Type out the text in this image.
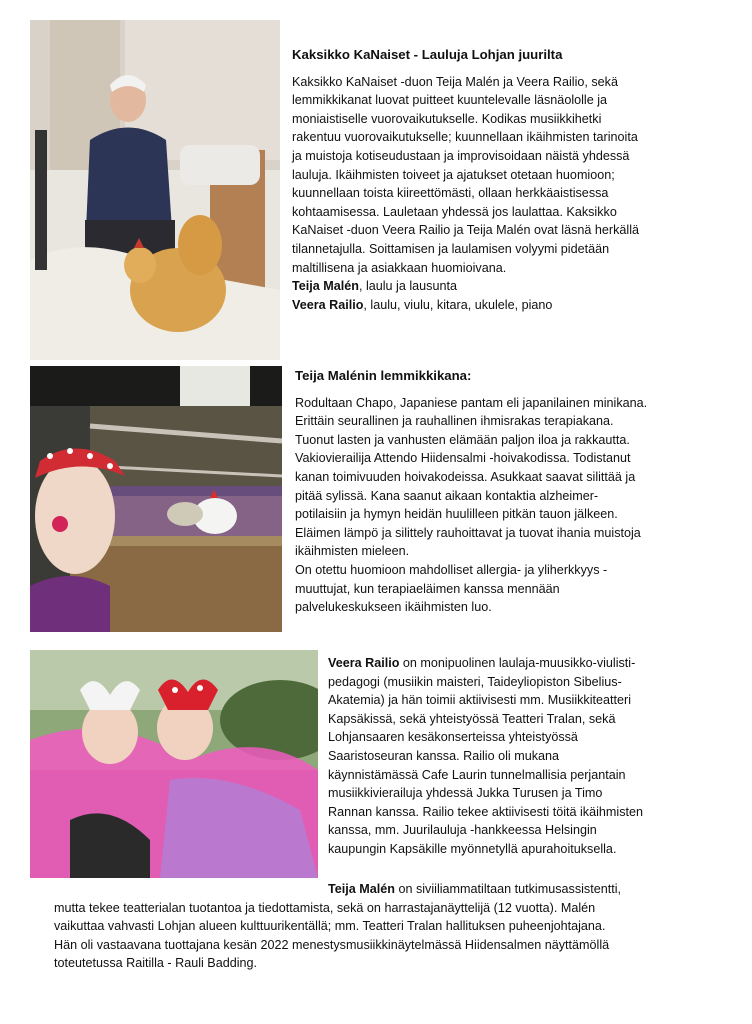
Kaksikko KaNaiset - Lauluja Lohjan juurilta
Kaksikko KaNaiset -duon Teija Malén ja Veera Railio, sekä
lemmikkikanat luovat puitteet kuuntelevalle läsnäololle ja
moniaistiselle vuorovaikutukselle. Kodikas musiikkihetki
rakentuu vuorovaikutukselle; kuunnellaan ikäihmisten tarinoita
ja muistoja kotiseudustaan ja improvisoidaan näistä yhdessä
lauluja. Ikäihmisten toiveet ja ajatukset otetaan huomioon;
kuunnellaan toista kiireettömästi, ollaan herkkäaistisessa
kohtaamisessa. Lauletaan yhdessä jos laulattaa. Kaksikko
KaNaiset -duon Veera Railio ja Teija Malén ovat läsnä herkällä
tilannetajulla. Soittamisen ja laulamisen volyymi pidetään
maltillisena ja asiakkaan huomioivana.
Teija Malén, laulu ja lausunta
Veera Railio, laulu, viulu, kitara, ukulele, piano
Teija Malénin lemmikkikana:
Rodultaan Chapo, Japaniese pantam eli japanilainen minikana.
Erittäin seurallinen ja rauhallinen ihmisrakas terapiakana.
Tuonut lasten ja vanhusten elämään paljon iloa ja rakkautta.
Vakiovierailija Attendo Hiidensalmi -hoivakodissa. Todistanut
kanan toimivuuden hoivakodeissa. Asukkaat saavat silittää ja
pitää sylissä. Kana saanut aikaan kontaktia alzheimer-
potilaisiin ja hymyn heidän huulilleen pitkän tauon jälkeen.
Eläimen lämpö ja silittely rauhoittavat ja tuovat ihania muistoja
ikäihmisten mieleen.
On otettu huomioon mahdolliset allergia- ja yliherkkyys -
muuttujat, kun terapiaeläimen kanssa mennään
palvelukeskukseen ikäihmisten luo.
Veera Railio on monipuolinen laulaja-muusikko-viulisti-
pedagogi (musiikin maisteri, Taideyliopiston Sibelius-
Akatemia) ja hän toimii aktiivisesti mm. Musiikkiteatteri
Kapsäkissä, sekä yhteistyössä Teatteri Tralan, sekä
Lohjansaaren kesäkonserteissa yhteistyössä
Saaristoseuran kanssa. Railio oli mukana
käynnistämässä Cafe Laurin tunnelmallisia perjantain
musiikkivierailuja yhdessä Jukka Turusen ja Timo
Rannan kanssa. Railio tekee aktiivisesti töitä ikäihmisten
kanssa, mm. Juurilauluja -hankkeessa Helsingin
kaupungin Kapsäkille myönnetyllä apurahoituksella.
Teija Malén on siviiliammatiltaan tutkimusassistentti,
mutta tekee teatterialan tuotantoa ja tiedottamista, sekä on harrastajanäyttelijä (12 vuotta). Malén
vaikuttaa vahvasti Lohjan alueen kulttuurikentällä; mm. Teatteri Tralan hallituksen puheenjohtajana.
Hän oli vastaavana tuottajana kesän 2022 menestysmusiikkinäytelmässä Hiidensalmen näyttämöllä
toteutetussa Raitilla - Rauli Badding.
